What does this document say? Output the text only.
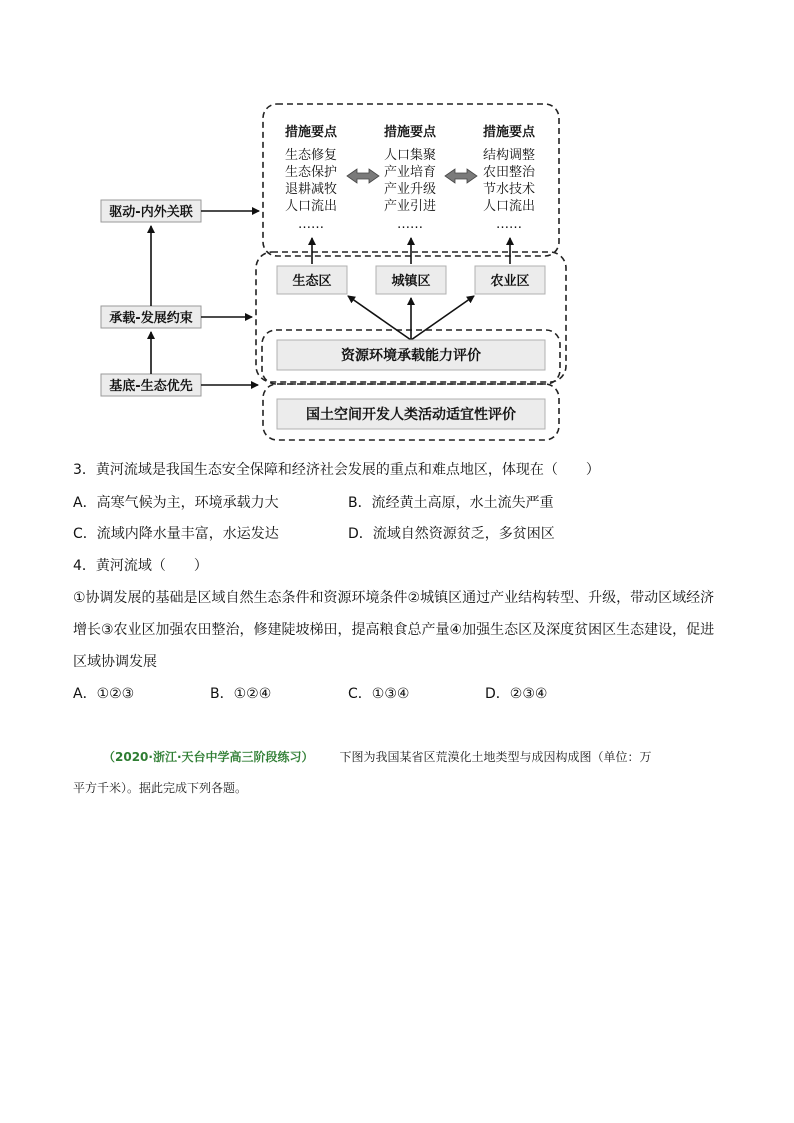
驱动-内外关联
承载-发展约束
基底-生态优先
措施要点
生态修复
生态保护
退耕减牧
人口流出
……
措施要点
人口集聚
产业培育
产业升级
产业引进
……
措施要点
结构调整
农田整治
节水技术
人口流出
……
生态区	城镇区	农业区
资源环境承载能力评价
国土空间开发人类活动适宜性评价
3．黄河流域是我国生态安全保障和经济社会发展的重点和难点地区，体现在（　　）
A．高寒气候为主，环境承载力大	B．流经黄土高原，水土流失严重
C．流域内降水量丰富，水运发达	D．流域自然资源贫乏，多贫困区
4．黄河流域（　　）
①协调发展的基础是区域自然生态条件和资源环境条件②城镇区通过产业结构转型、升级，带动区域经济
增长③农业区加强农田整治，修建陡坡梯田，提高粮食总产量④加强生态区及深度贫困区生态建设，促进
区域协调发展
A．①②③	B．①②④	C．①③④	D．②③④
（2020·浙江·天台中学高三阶段练习） 下图为我国某省区荒漠化土地类型与成因构成图（单位：万
平方千米）。据此完成下列各题。
